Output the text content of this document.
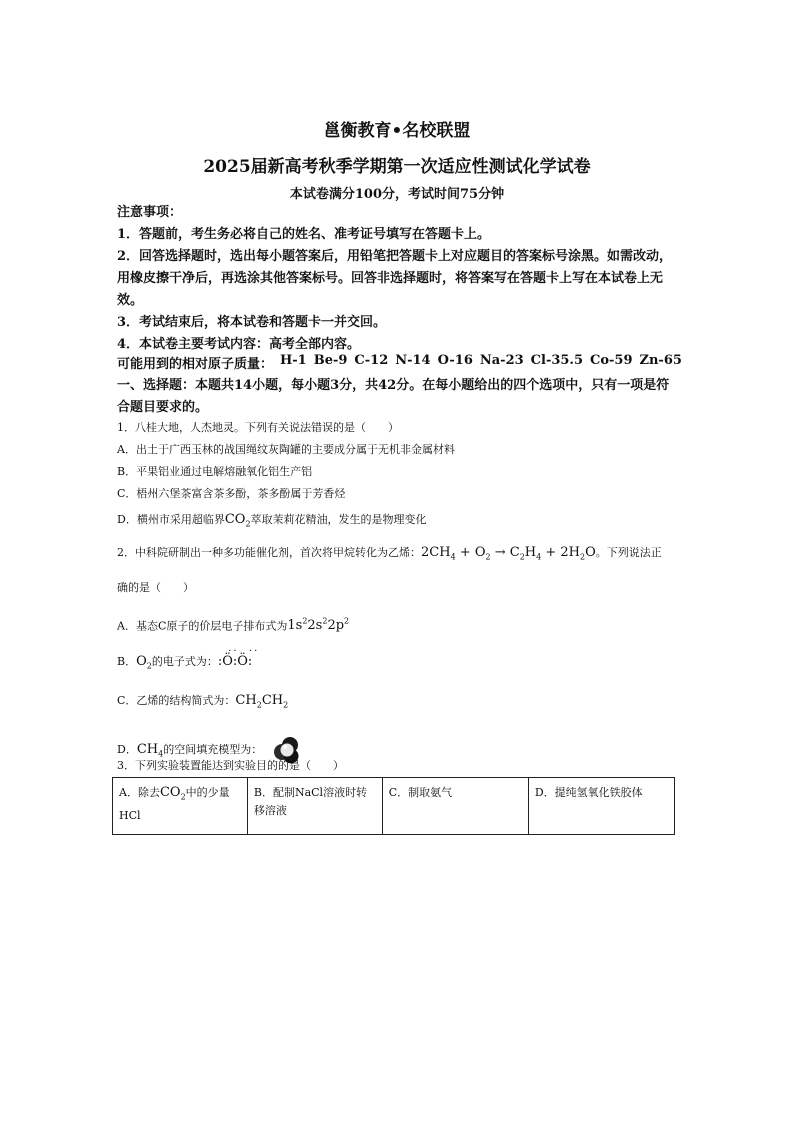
邕衡教育•名校联盟
2025届新高考秋季学期第一次适应性测试化学试卷
本试卷满分100分，考试时间75分钟

注意事项：

1．答题前，考生务必将自己的姓名、准考证号填写在答题卡上。

2．回答选择题时，选出每小题答案后，用铅笔把答题卡上对应题目的答案标号涂黑。如需改动，用橡皮擦干净后，再选涂其他答案标号。回答非选择题时，将答案写在答题卡上写在本试卷上无效。

3．考试结束后，将本试卷和答题卡一并交回。

4．本试卷主要考试内容：高考全部内容。

可能用到的相对原子质量： H-1 Be-9 C-12 N-14 O-16 Na-23 Cl-35.5 Co-59 Zn-65
一、选择题：本题共14小题，每小题3分，共42分。在每小题给出的四个选项中，只有一项是符合题目要求的。

1．八桂大地，人杰地灵。下列有关说法错误的是（　　）

A．出土于广西玉林的战国绳纹灰陶罐的主要成分属于无机非金属材料

B．平果铝业通过电解熔融氧化铝生产铝

C．梧州六堡茶富含茶多酚，茶多酚属于芳香烃

D．横州市采用超临界$CO_2$萃取茉莉花精油，发生的是物理变化

2．中科院研制出一种多功能催化剂，首次将甲烷转化为乙烯：$2CH_4 + O_2 \to C_2H_4 + 2H_2O$。下列说法正

确的是（　　）

A．基态C原子的价层电子排布式为$1s^22s^22p^2$

B．$O_2$的电子式为：
··  ··
:Ö:Ö:

C．乙烯的结构简式为：$CH_2CH_2$

D．$CH_4$的空间填充模型为：

3．下列实验装置能达到实验目的的是（　　）

A．除去$CO_2$中的少量
HCl	B．配制NaCl溶液时转
移溶液	C．制取氨气	D．提纯氢氧化铁胶体
